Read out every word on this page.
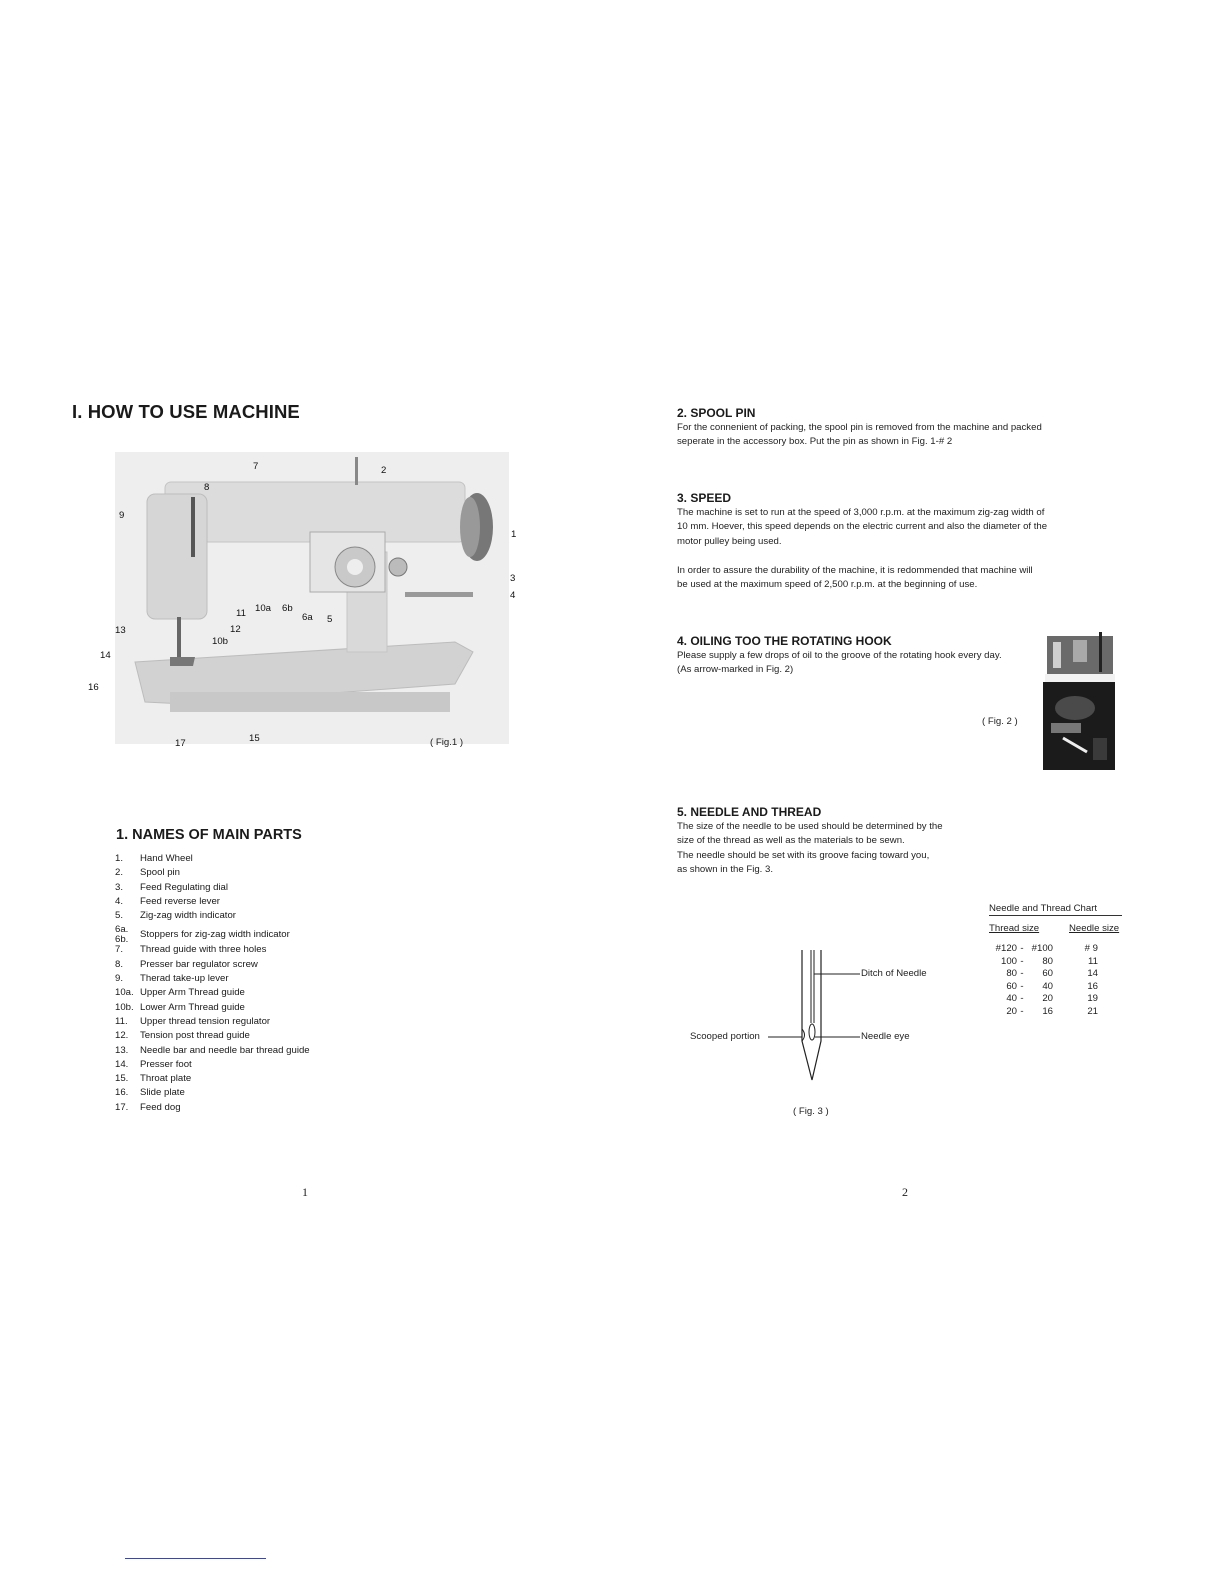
I. HOW TO USE MACHINE
1
2
3
4
5
6a
6b
7
8
9
10a
10b
11
12
13
14
15
16
17	( Fig.1 )
1. NAMES OF MAIN PARTS
1. Hand Wheel
2. Spool pin
3. Feed Regulating dial
4. Feed reverse lever
5. Zig-zag width indicator
6a.

6b.	Stoppers for zig-zag width indicator
7. Thread guide with three holes
8. Presser bar regulator screw
9. Therad take-up lever
10a. Upper Arm Thread guide
10b. Lower Arm Thread guide
11. Upper thread tension regulator
12. Tension post thread guide
13. Needle bar and needle bar thread guide
14. Presser foot
15. Throat plate
16. Slide plate
17. Feed dog
1
2. SPOOL PIN
For the connenient of packing, the spool pin is removed from the machine and packed
seperate in the accessory box. Put the pin as shown in Fig. 1-# 2
3. SPEED
The machine is set to run at the speed of 3,000 r.p.m. at the maximum zig-zag width of
10 mm. Hoever, this speed depends on the electric current and also the diameter of the
motor pulley being used.
In order to assure the durability of the machine, it is redommended that machine will
be used at the maximum speed of 2,500 r.p.m. at the beginning of use.
4. OILING TOO THE ROTATING HOOK
Please supply a few drops of oil to the groove of the rotating hook every day.
(As arrow-marked in Fig. 2)
( Fig. 2 )
5. NEEDLE AND THREAD
The size of the needle to be used should be determined by the
size of the thread as well as the materials to be sewn.
The needle should be set with its groove facing toward you,
as shown in the Fig. 3.
Needle and Thread Chart
Thread size	Needle size
#120	-	#100	# 9
100	-	80	11
80	-	60	14
60	-	40	16
40	-	20	19
20	-	16	21
Ditch of Needle
Scooped portion	Needle eye
( Fig. 3 )
2
